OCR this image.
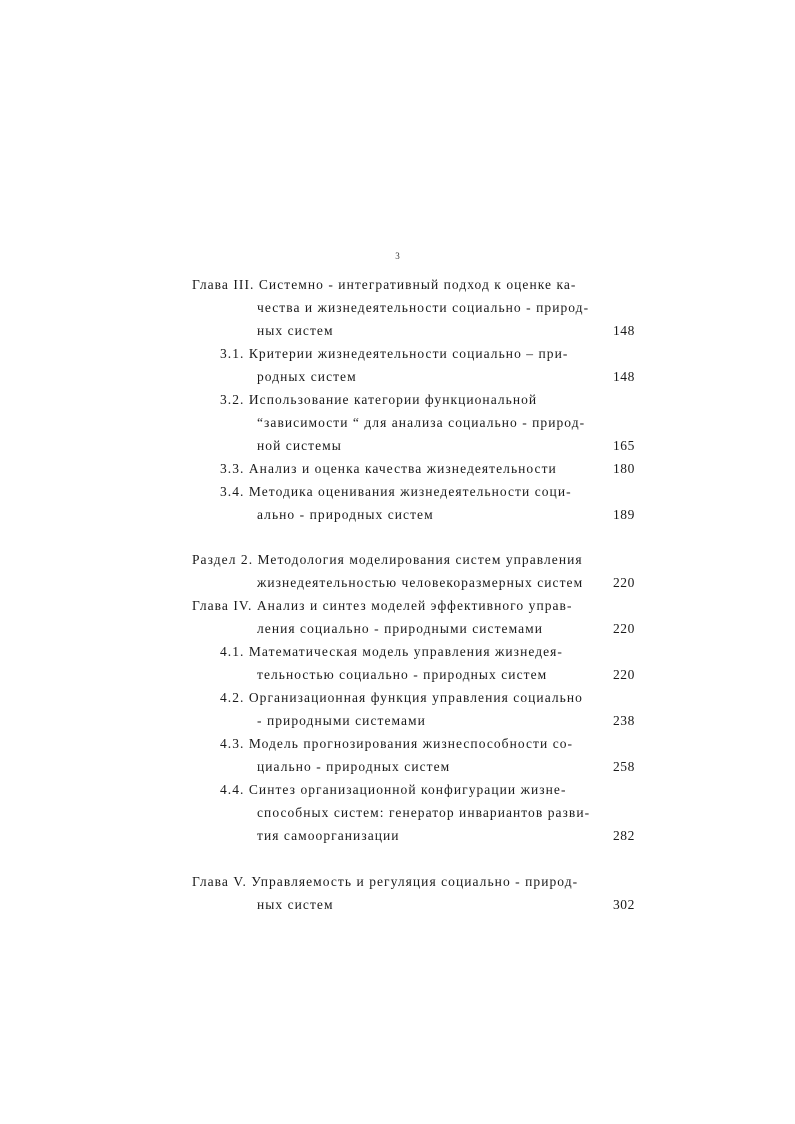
3
Глава III. Системно - интегративный подход к оценке ка-
чества и жизнедеятельности социально - природ-
ных систем	148
3.1. Критерии жизнедеятельности социально – при-
родных систем	148
3.2. Использование категории функциональной
“зависимости “ для анализа социально - природ-
ной системы	165
3.3. Анализ и оценка качества жизнедеятельности	180
3.4. Методика оценивания жизнедеятельности соци-
ально - природных систем	189
Раздел 2. Методология моделирования систем управления
жизнедеятельностью человекоразмерных систем	220
Глава IV. Анализ и синтез моделей эффективного управ-
ления социально - природными системами	220
4.1. Математическая модель управления жизнедея-
тельностью социально - природных систем	220
4.2. Организационная функция управления социально
- природными системами	238
4.3. Модель прогнозирования жизнеспособности со-
циально - природных систем	258
4.4. Синтез организационной конфигурации жизне-
способных систем: генератор инвариантов разви-
тия самоорганизации	282
Глава V. Управляемость и регуляция социально - природ-
ных систем	302
